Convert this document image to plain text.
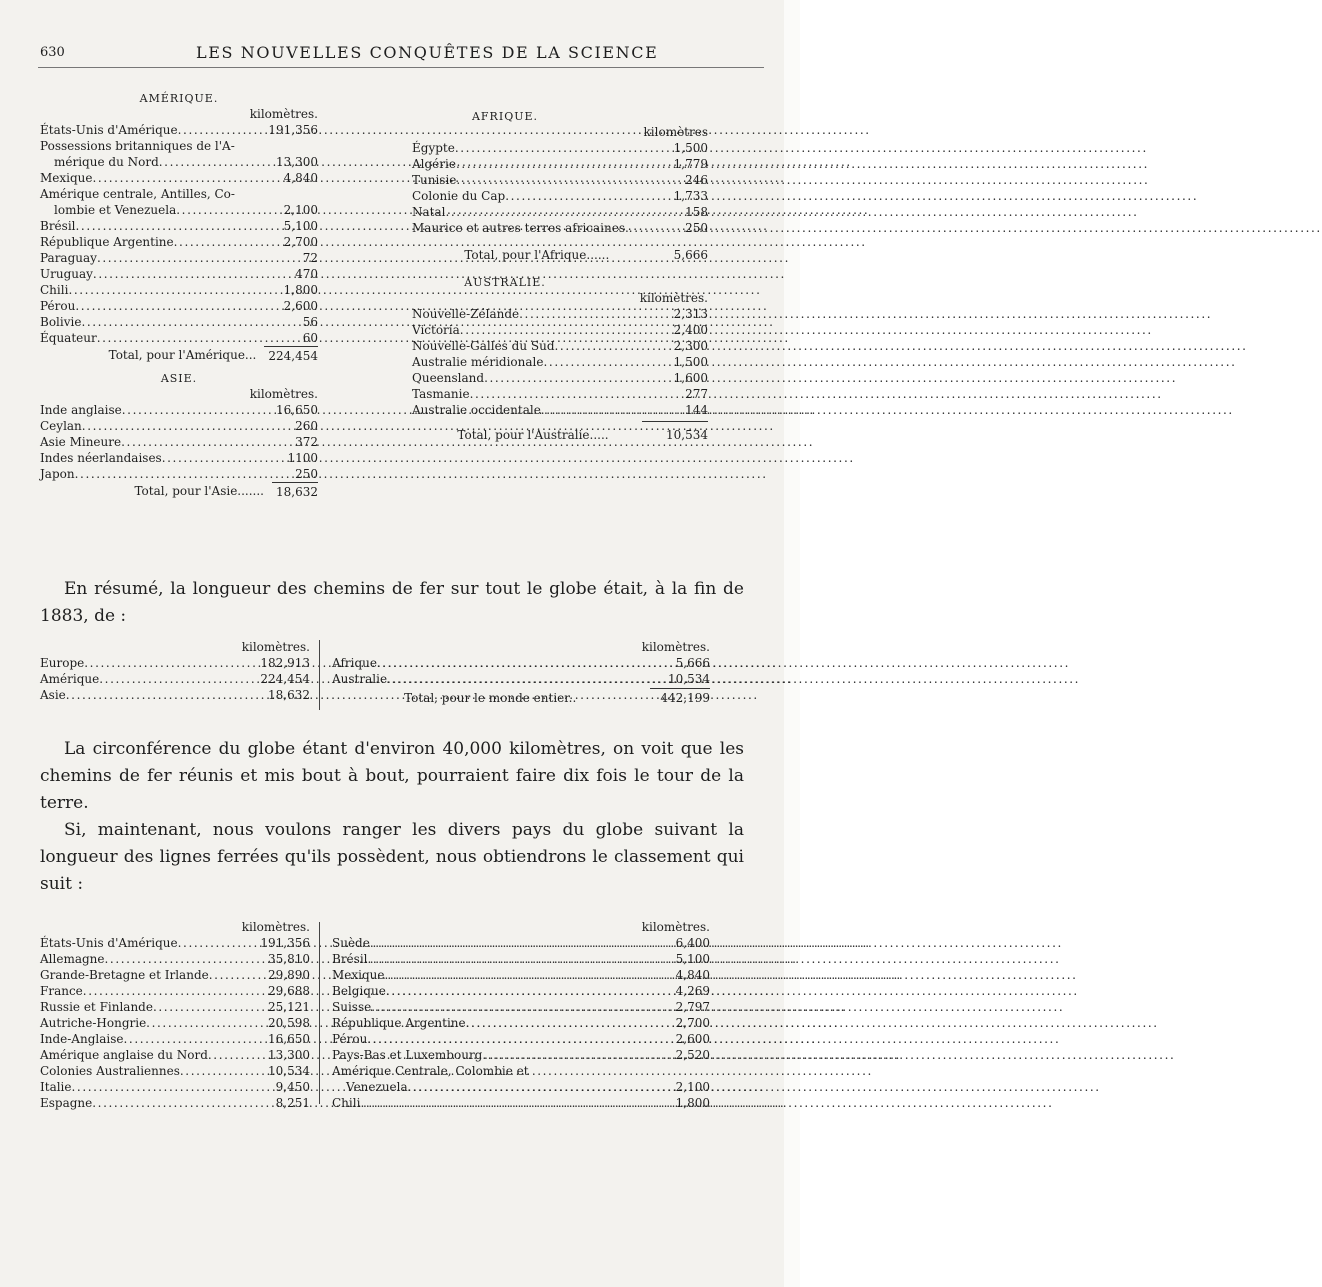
630	LES NOUVELLES CONQUÊTES DE LA SCIENCE
AMÉRIQUE.
kilomètres.
États-Unis d'Amérique .....	191,356
Possessions britanniques de l'A-
mérique du Nord .....	13,300
Mexique .....	4,840
Amérique centrale, Antilles, Co-
lombie et Venezuela .....	2,100
Brésil .....	5,100
République Argentine .....	2,700
Paraguay .....	72
Uruguay .....	470
Chili .....	1,800
Pérou .....	2,600
Bolivie .....	56
Équateur .....	60
Total, pour l'Amérique...	224,454
ASIE.
kilomètres.
Inde anglaise .....	16,650
Ceylan .....	260
Asie Mineure .....	372
Indes néerlandaises .....	1100
Japon .....	250
Total, pour l'Asie.......	18,632
AFRIQUE.
kilomètres
Égypte .....	1,500
Algérie .....	1,779
Tunisie .....	246
Colonie du Cap .....	1,733
Natal .....	158
Maurice et autres terres africaines. .....	250
Total, pour l'Afrique......	5,666
AUSTRALIE.
kilomètres.
Nouvelle-Zélande .....	2,313
Victoria .....	2,400
Nouvelle-Galles du Sud .....	2,300
Australie méridionale .....	1,500
Queensland .....	1,600
Tasmanie .....	277
Australie occidentale .....	144
Total, pour l'Australie.....	10,534

En résumé, la longueur des chemins de fer sur tout le globe était, à la fin de 1883, de :

kilomètres.
Europe .....	182,913
Amérique .....	224,454
Asie .....	18,632
kilomètres.
Afrique .....	5,666
Australie .....	10,534
Total, pour le monde entier..	442,199

La circonférence du globe étant d'environ 40,000 kilomètres, on voit que les chemins de fer réunis et mis bout à bout, pourraient faire dix fois le tour de la terre.

Si, maintenant, nous voulons ranger les divers pays du globe suivant la longueur des lignes ferrées qu'ils possèdent, nous obtiendrons le classement qui suit :

kilomètres.
États-Unis d'Amérique .....	191,356
Allemagne .....	35,810
Grande-Bretagne et Irlande .....	29,890
France .....	29,688
Russie et Finlande .....	25,121
Autriche-Hongrie .....	20,598
Inde-Anglaise .....	16,650
Amérique anglaise du Nord .....	13,300
Colonies Australiennes .....	10,534
Italie .....	9,450
Espagne .....	8,251
kilomètres.
Suède .....	6,400
Brésil .....	5,100
Mexique .....	4,840
Belgique .....	4,269
Suisse .....	2,797
République Argentine .....	2,700
Pérou .....	2,600
Pays-Bas et Luxembourg .....	2,520
Amérique Centrale, Colombie et
Venezuela .....	2,100
Chili .....	1,800
